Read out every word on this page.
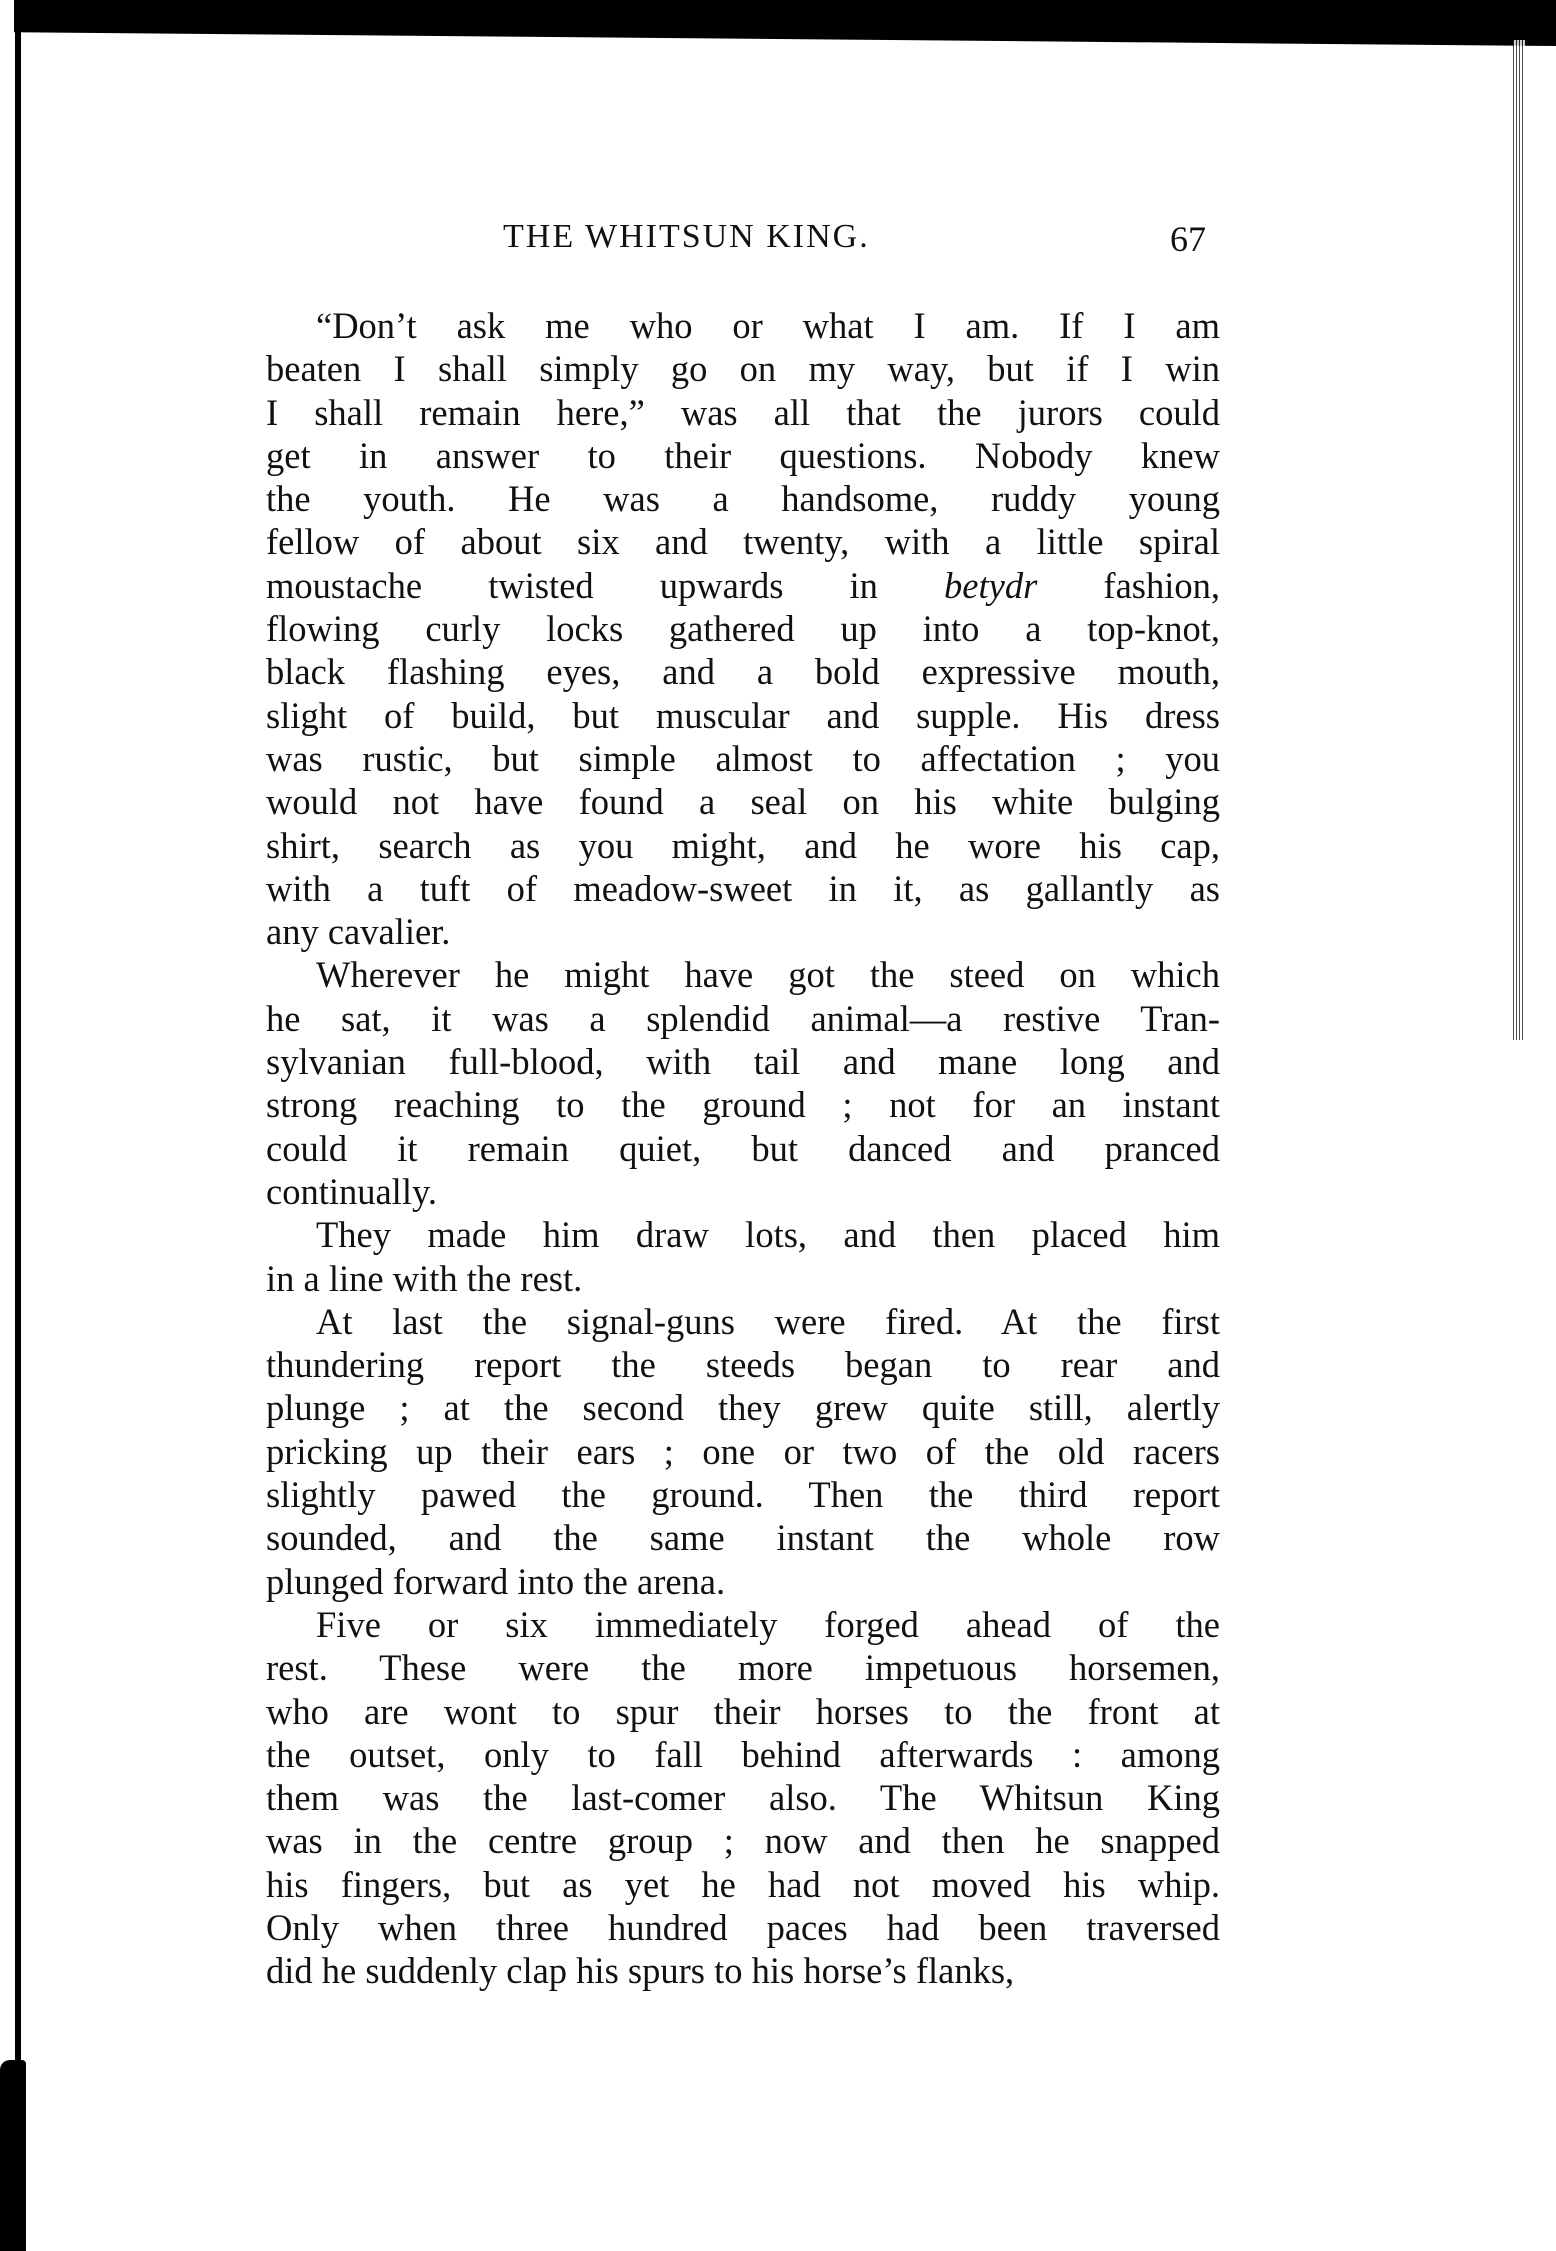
THE WHITSUN KING.	67
“Don’t ask me who or what I am. If I am
beaten I shall simply go on my way, but if I win
I shall remain here,” was all that the jurors could
get in answer to their questions. Nobody knew
the youth. He was a handsome, ruddy young
fellow of about six and twenty, with a little spiral
moustache twisted upwards in betydr fashion,
flowing curly locks gathered up into a top-knot,
black flashing eyes, and a bold expressive mouth,
slight of build, but muscular and supple. His dress
was rustic, but simple almost to affectation ; you
would not have found a seal on his white bulging
shirt, search as you might, and he wore his cap,
with a tuft of meadow-sweet in it, as gallantly as
any cavalier.
Wherever he might have got the steed on which
he sat, it was a splendid animal—a restive Tran-
sylvanian full-blood, with tail and mane long and
strong reaching to the ground ; not for an instant
could it remain quiet, but danced and pranced
continually.
They made him draw lots, and then placed him
in a line with the rest.
At last the signal-guns were fired. At the first
thundering report the steeds began to rear and
plunge ; at the second they grew quite still, alertly
pricking up their ears ; one or two of the old racers
slightly pawed the ground. Then the third report
sounded, and the same instant the whole row
plunged forward into the arena.
Five or six immediately forged ahead of the
rest. These were the more impetuous horsemen,
who are wont to spur their horses to the front at
the outset, only to fall behind afterwards : among
them was the last-comer also. The Whitsun King
was in the centre group ; now and then he snapped
his fingers, but as yet he had not moved his whip.
Only when three hundred paces had been traversed
did he suddenly clap his spurs to his horse’s flanks,
